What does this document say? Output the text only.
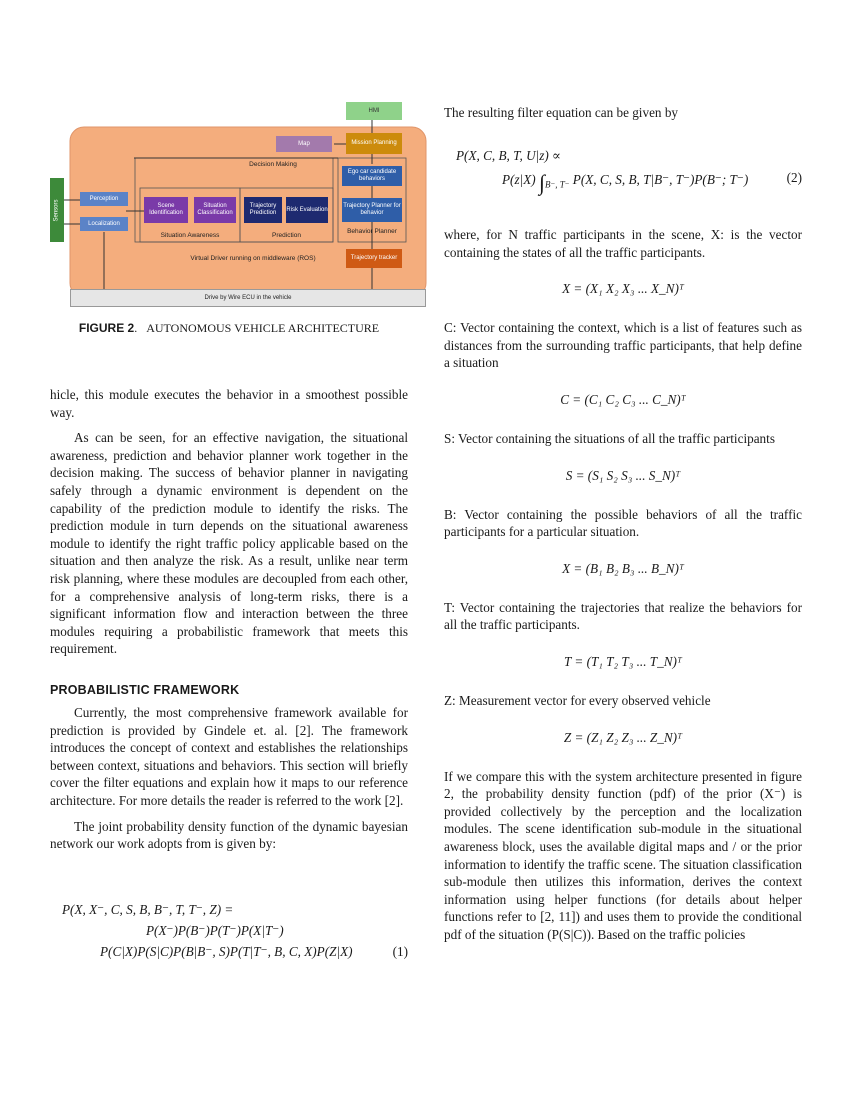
HMI
Mission Planning
Map
Decision Making
Ego car candidate behaviors
Sensors
Perception
Localization
Scene Identification
Situation Classification
Trajectory Prediction
Risk Evaluation
Trajectory Planner for behavior
Situation Awareness	Prediction
Behavior Planner
Virtual Driver running on middleware (ROS)	Trajectory tracker
Drive by Wire ECU in the vehicle
FIGURE 2.   AUTONOMOUS VEHICLE ARCHITECTURE

hicle, this module executes the behavior in a smoothest possible way.

As can be seen, for an effective navigation, the situational awareness, prediction and behavior planner work together in the decision making. The success of behavior planner in navigating safely through a dynamic environment is dependent on the capability of the prediction module to identify the risks. The prediction module in turn depends on the situational awareness module to identify the right traffic policy applicable based on the situation and then analyze the risk. As a result, unlike near term risk planning, where these modules are decoupled from each other, for a comprehensive analysis of long-term risks, there is a significant information flow and interaction between the three modules requiring a probabilistic framework that meets this requirement.

PROBABILISTIC FRAMEWORK

Currently, the most comprehensive framework available for prediction is provided by Gindele et. al. [2]. The framework introduces the concept of context and establishes the relationships between context, situations and behaviors. This section will briefly cover the filter equations and explain how it maps to our reference architecture. For more details the reader is referred to the work [2].

The joint probability density function of the dynamic bayesian network our work adopts from is given by:

P(X, X⁻, C, S, B, B⁻, T, T⁻, Z) =
P(X⁻)P(B⁻)P(T⁻)P(X|T⁻)
P(C|X)P(S|C)P(B|B⁻, S)P(T|T⁻, B, C, X)P(Z|X)	(1)

The resulting filter equation can be given by

P(X, C, B, T, U|z) ∝
P(z|X) $\int_{B^-, T^-}$ P(X, C, S, B, T|B⁻, T⁻)P(B⁻; T⁻)	(2)

where, for N traffic participants in the scene, X: is the vector containing the states of all the traffic participants.

X = (X₁ X₂ X₃ ... X_N)ᵀ

C: Vector containing the context, which is a list of features such as distances from the surrounding traffic participants, that help define a situation

C = (C₁ C₂ C₃ ... C_N)ᵀ

S: Vector containing the situations of all the traffic participants

S = (S₁ S₂ S₃ ... S_N)ᵀ

B: Vector containing the possible behaviors of all the traffic participants for a particular situation.

X = (B₁ B₂ B₃ ... B_N)ᵀ

T: Vector containing the trajectories that realize the behaviors for all the traffic participants.

T = (T₁ T₂ T₃ ... T_N)ᵀ

Z: Measurement vector for every observed vehicle

Z = (Z₁ Z₂ Z₃ ... Z_N)ᵀ

If we compare this with the system architecture presented in figure 2, the probability density function (pdf) of the prior (X⁻) is provided collectively by the perception and the localization modules. The scene identification sub-module in the situational awareness block, uses the available digital maps and / or the prior information to identify the traffic scene. The situation classification sub-module then utilizes this information, derives the context information using helper functions (for details about helper functions refer to [2, 11]) and uses them to provide the conditional pdf of the situation (P(S|C)). Based on the traffic policies
